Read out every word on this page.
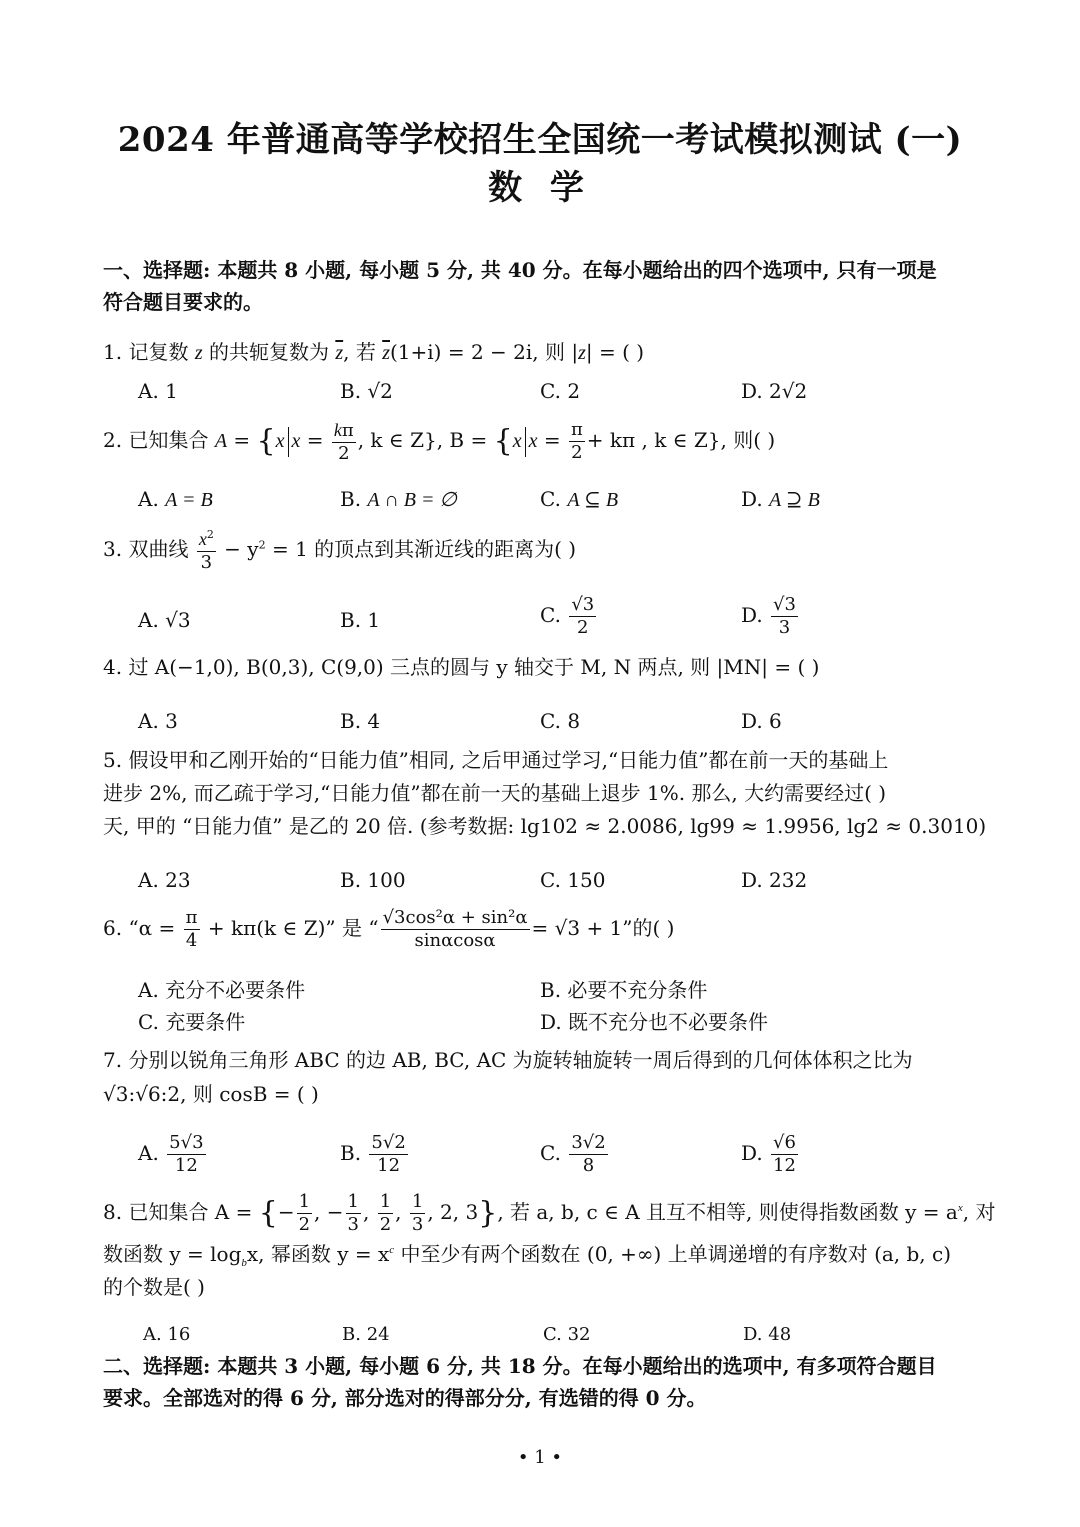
2024 年普通高等学校招生全国统一考试模拟测试 (一)
数 学
一、选择题: 本题共 8 小题, 每小题 5 分, 共 40 分。在每小题给出的四个选项中, 只有一项是
符合题目要求的。
1. 记复数 z 的共轭复数为 $\overline{z}$, 若 $\overline{z}(1+i) = 2 - 2i$, 则 |z| = ( )
A. 1	B. √2	C. 2	D. 2√2
2. 已知集合 A = {x $x = \frac{k\pi}{2}$ , k ∈ Z}, B = {x $x = \frac{\pi}{2} + k\pi$ , k ∈ Z}, 则( )
A. A = B	B. A ∩ B = ∅	C. A ⊆ B	D. A ⊇ B
3. 双曲线 $\frac{x^2}{3} - y^2 = 1$ 的顶点到其渐近线的距离为( )
A. √3	B. 1	C. $\frac{√3}{2}$	D. $\frac{√3}{3}$
4. 过 A(−1,0), B(0,3), C(9,0) 三点的圆与 y 轴交于 M, N 两点, 则 |MN| = ( )
A. 3	B. 4	C. 8	D. 6
5. 假设甲和乙刚开始的“日能力值”相同, 之后甲通过学习,“日能力值”都在前一天的基础上
进步 2%, 而乙疏于学习,“日能力值”都在前一天的基础上退步 1%. 那么, 大约需要经过( )
天, 甲的 “日能力值” 是乙的 20 倍. (参考数据: lg102 ≈ 2.0086, lg99 ≈ 1.9956, lg2 ≈ 0.3010)
A. 23	B. 100	C. 150	D. 232
6. “$\alpha = \frac{\pi}{4} + k\pi(k$ ∈ Z)” 是 “ $\frac{\text{√3cos²α + sin²α}}{\sin\alpha\cos\alpha} = √3 + 1$”的( )
A. 充分不必要条件	B. 必要不充分条件
C. 充要条件	D. 既不充分也不必要条件
7. 分别以锐角三角形 ABC 的边 AB, BC, AC 为旋转轴旋转一周后得到的几何体体积之比为
√3:√6:2, 则 cosB = ( )
A. $\frac{5√3}{12}$	B. $\frac{5√2}{12}$	C. $\frac{3√2}{8}$	D. $\frac{√6}{12}$
8. 已知集合 A = {− $\frac{1}{2}$ , − $\frac{1}{3}$ , $\frac{1}{2}$ , $\frac{1}{3}$ , 2, 3}, 若 a, b, c ∈ A 且互不相等, 则使得指数函数 $y = a^x$, 对
数函数 $y = \log_bx$, 幂函数 $y = x^c$ 中至少有两个函数在 (0, +∞) 上单调递增的有序数对 (a, b, c)
的个数是( )
A. 16	B. 24	C. 32	D. 48
二、选择题: 本题共 3 小题, 每小题 6 分, 共 18 分。在每小题给出的选项中, 有多项符合题目
要求。全部选对的得 6 分, 部分选对的得部分分, 有选错的得 0 分。
• 1 •
